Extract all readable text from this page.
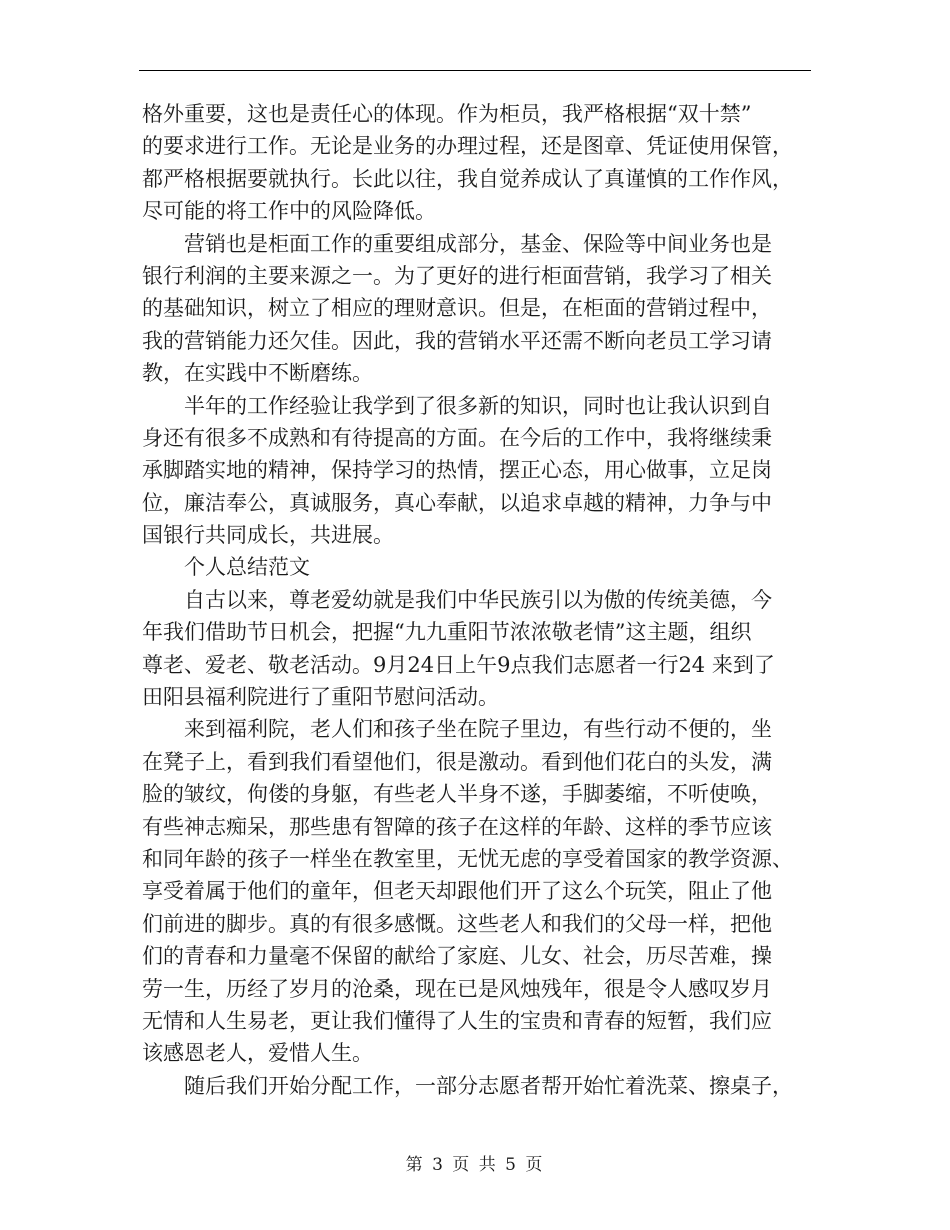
格外重要，这也是责任心的体现。作为柜员，我严格根据“双十禁”
的要求进行工作。无论是业务的办理过程，还是图章、凭证使用保管，
都严格根据要就执行。长此以往，我自觉养成认了真谨慎的工作作风，
尽可能的将工作中的风险降低。
营销也是柜面工作的重要组成部分，基金、保险等中间业务也是
银行利润的主要来源之一。为了更好的进行柜面营销，我学习了相关
的基础知识，树立了相应的理财意识。但是，在柜面的营销过程中，
我的营销能力还欠佳。因此，我的营销水平还需不断向老员工学习请
教，在实践中不断磨练。
半年的工作经验让我学到了很多新的知识，同时也让我认识到自
身还有很多不成熟和有待提高的方面。在今后的工作中，我将继续秉
承脚踏实地的精神，保持学习的热情，摆正心态，用心做事，立足岗
位，廉洁奉公，真诚服务，真心奉献，以追求卓越的精神，力争与中
国银行共同成长，共进展。
个人总结范文
自古以来，尊老爱幼就是我们中华民族引以为傲的传统美德，今
年我们借助节日机会，把握“九九重阳节浓浓敬老情”这主题，组织
尊老、爱老、敬老活动。9月24日上午9点我们志愿者一行24 来到了
田阳县福利院进行了重阳节慰问活动。
来到福利院，老人们和孩子坐在院子里边，有些行动不便的，坐
在凳子上，看到我们看望他们，很是激动。看到他们花白的头发，满
脸的皱纹，佝偻的身躯，有些老人半身不遂，手脚萎缩，不听使唤，
有些神志痴呆，那些患有智障的孩子在这样的年龄、这样的季节应该
和同年龄的孩子一样坐在教室里，无忧无虑的享受着国家的教学资源、
享受着属于他们的童年，但老天却跟他们开了这么个玩笑，阻止了他
们前进的脚步。真的有很多感慨。这些老人和我们的父母一样，把他
们的青春和力量毫不保留的献给了家庭、儿女、社会，历尽苦难，操
劳一生，历经了岁月的沧桑，现在已是风烛残年，很是令人感叹岁月
无情和人生易老，更让我们懂得了人生的宝贵和青春的短暂，我们应
该感恩老人，爱惜人生。
随后我们开始分配工作，一部分志愿者帮开始忙着洗菜、擦桌子，
第 3 页 共 5 页
